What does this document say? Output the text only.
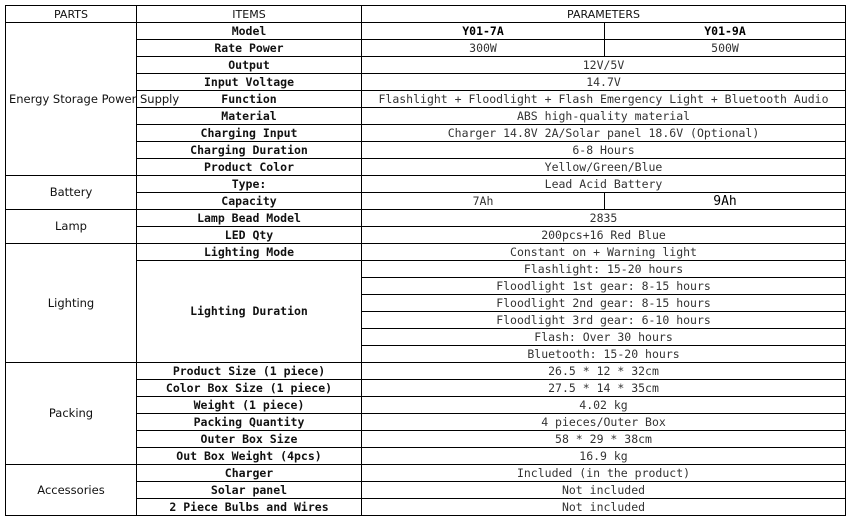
PARTS	ITEMS	PARAMETERS	
Energy Storage Power Supply	Model	Y01-7A	Y01-9A
	Rate Power	300W	500W
	Output	12V/5V	
	Input Voltage	14.7V	
	Function	Flashlight + Floodlight + Flash Emergency Light + Bluetooth Audio	
	Material	ABS high-quality material	
	Charging Input	Charger 14.8V 2A/Solar panel 18.6V (Optional)	
	Charging Duration	6-8 Hours	
	Product Color	Yellow/Green/Blue	
Battery	Type:	Lead Acid Battery	
	Capacity	7Ah	9Ah
Lamp	Lamp Bead Model	2835	
	LED Qty	200pcs+16 Red Blue	
Lighting	Lighting Mode	Constant on + Warning light	
	Lighting Duration	Flashlight: 15-20 hours	
		Floodlight 1st gear: 8-15 hours	
		Floodlight 2nd gear: 8-15 hours	
		Floodlight 3rd gear: 6-10 hours	
		Flash: Over 30 hours	
		Bluetooth: 15-20 hours	
Packing	Product Size (1 piece)	26.5 * 12 * 32cm	
	Color Box Size (1 piece)	27.5 * 14 * 35cm	
	Weight (1 piece)	4.02 kg	
	Packing Quantity	4 pieces/Outer Box	
	Outer Box Size	58 * 29 * 38cm	
	Out Box Weight (4pcs)	16.9 kg	
Accessories	Charger	Included (in the product)	
	Solar panel	Not included	
	2 Piece Bulbs and Wires	Not included	
